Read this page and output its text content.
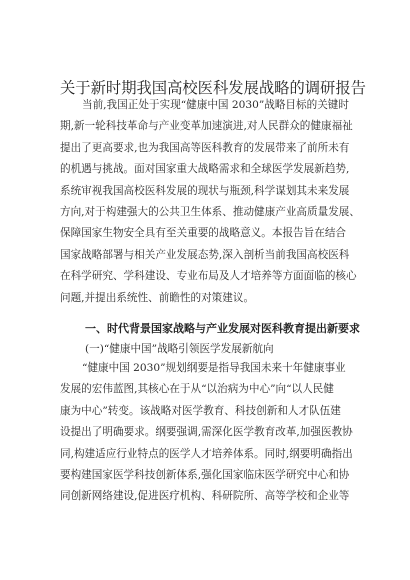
关于新时期我国高校医科发展战略的调研报告
当前,我国正处于实现“健康中国 2030”战略目标的关键时
期,新一轮科技革命与产业变革加速演进,对人民群众的健康福祉
提出了更高要求,也为我国高等医科教育的发展带来了前所未有
的机遇与挑战。面对国家重大战略需求和全球医学发展新趋势,
系统审视我国高校医科发展的现状与瓶颈,科学谋划其未来发展
方向,对于构建强大的公共卫生体系、推动健康产业高质量发展、
保障国家生物安全具有至关重要的战略意义。本报告旨在结合
国家战略部署与相关产业发展态势,深入剖析当前我国高校医科
在科学研究、学科建设、专业布局及人才培养等方面面临的核心
问题,并提出系统性、前瞻性的对策建议。
一、时代背景国家战略与产业发展对医科教育提出新要求
(一)“健康中国”战略引领医学发展新航向
“健康中国 2030”规划纲要是指导我国未来十年健康事业
发展的宏伟蓝图,其核心在于从“以治病为中心”向“以人民健
康为中心”转变。该战略对医学教育、科技创新和人才队伍建
设提出了明确要求。纲要强调,需深化医学教育改革,加强医教协
同,构建适应行业特点的医学人才培养体系。同时,纲要明确指出
要构建国家医学科技创新体系,强化国家临床医学研究中心和协
同创新网络建设,促进医疗机构、科研院所、高等学校和企业等
